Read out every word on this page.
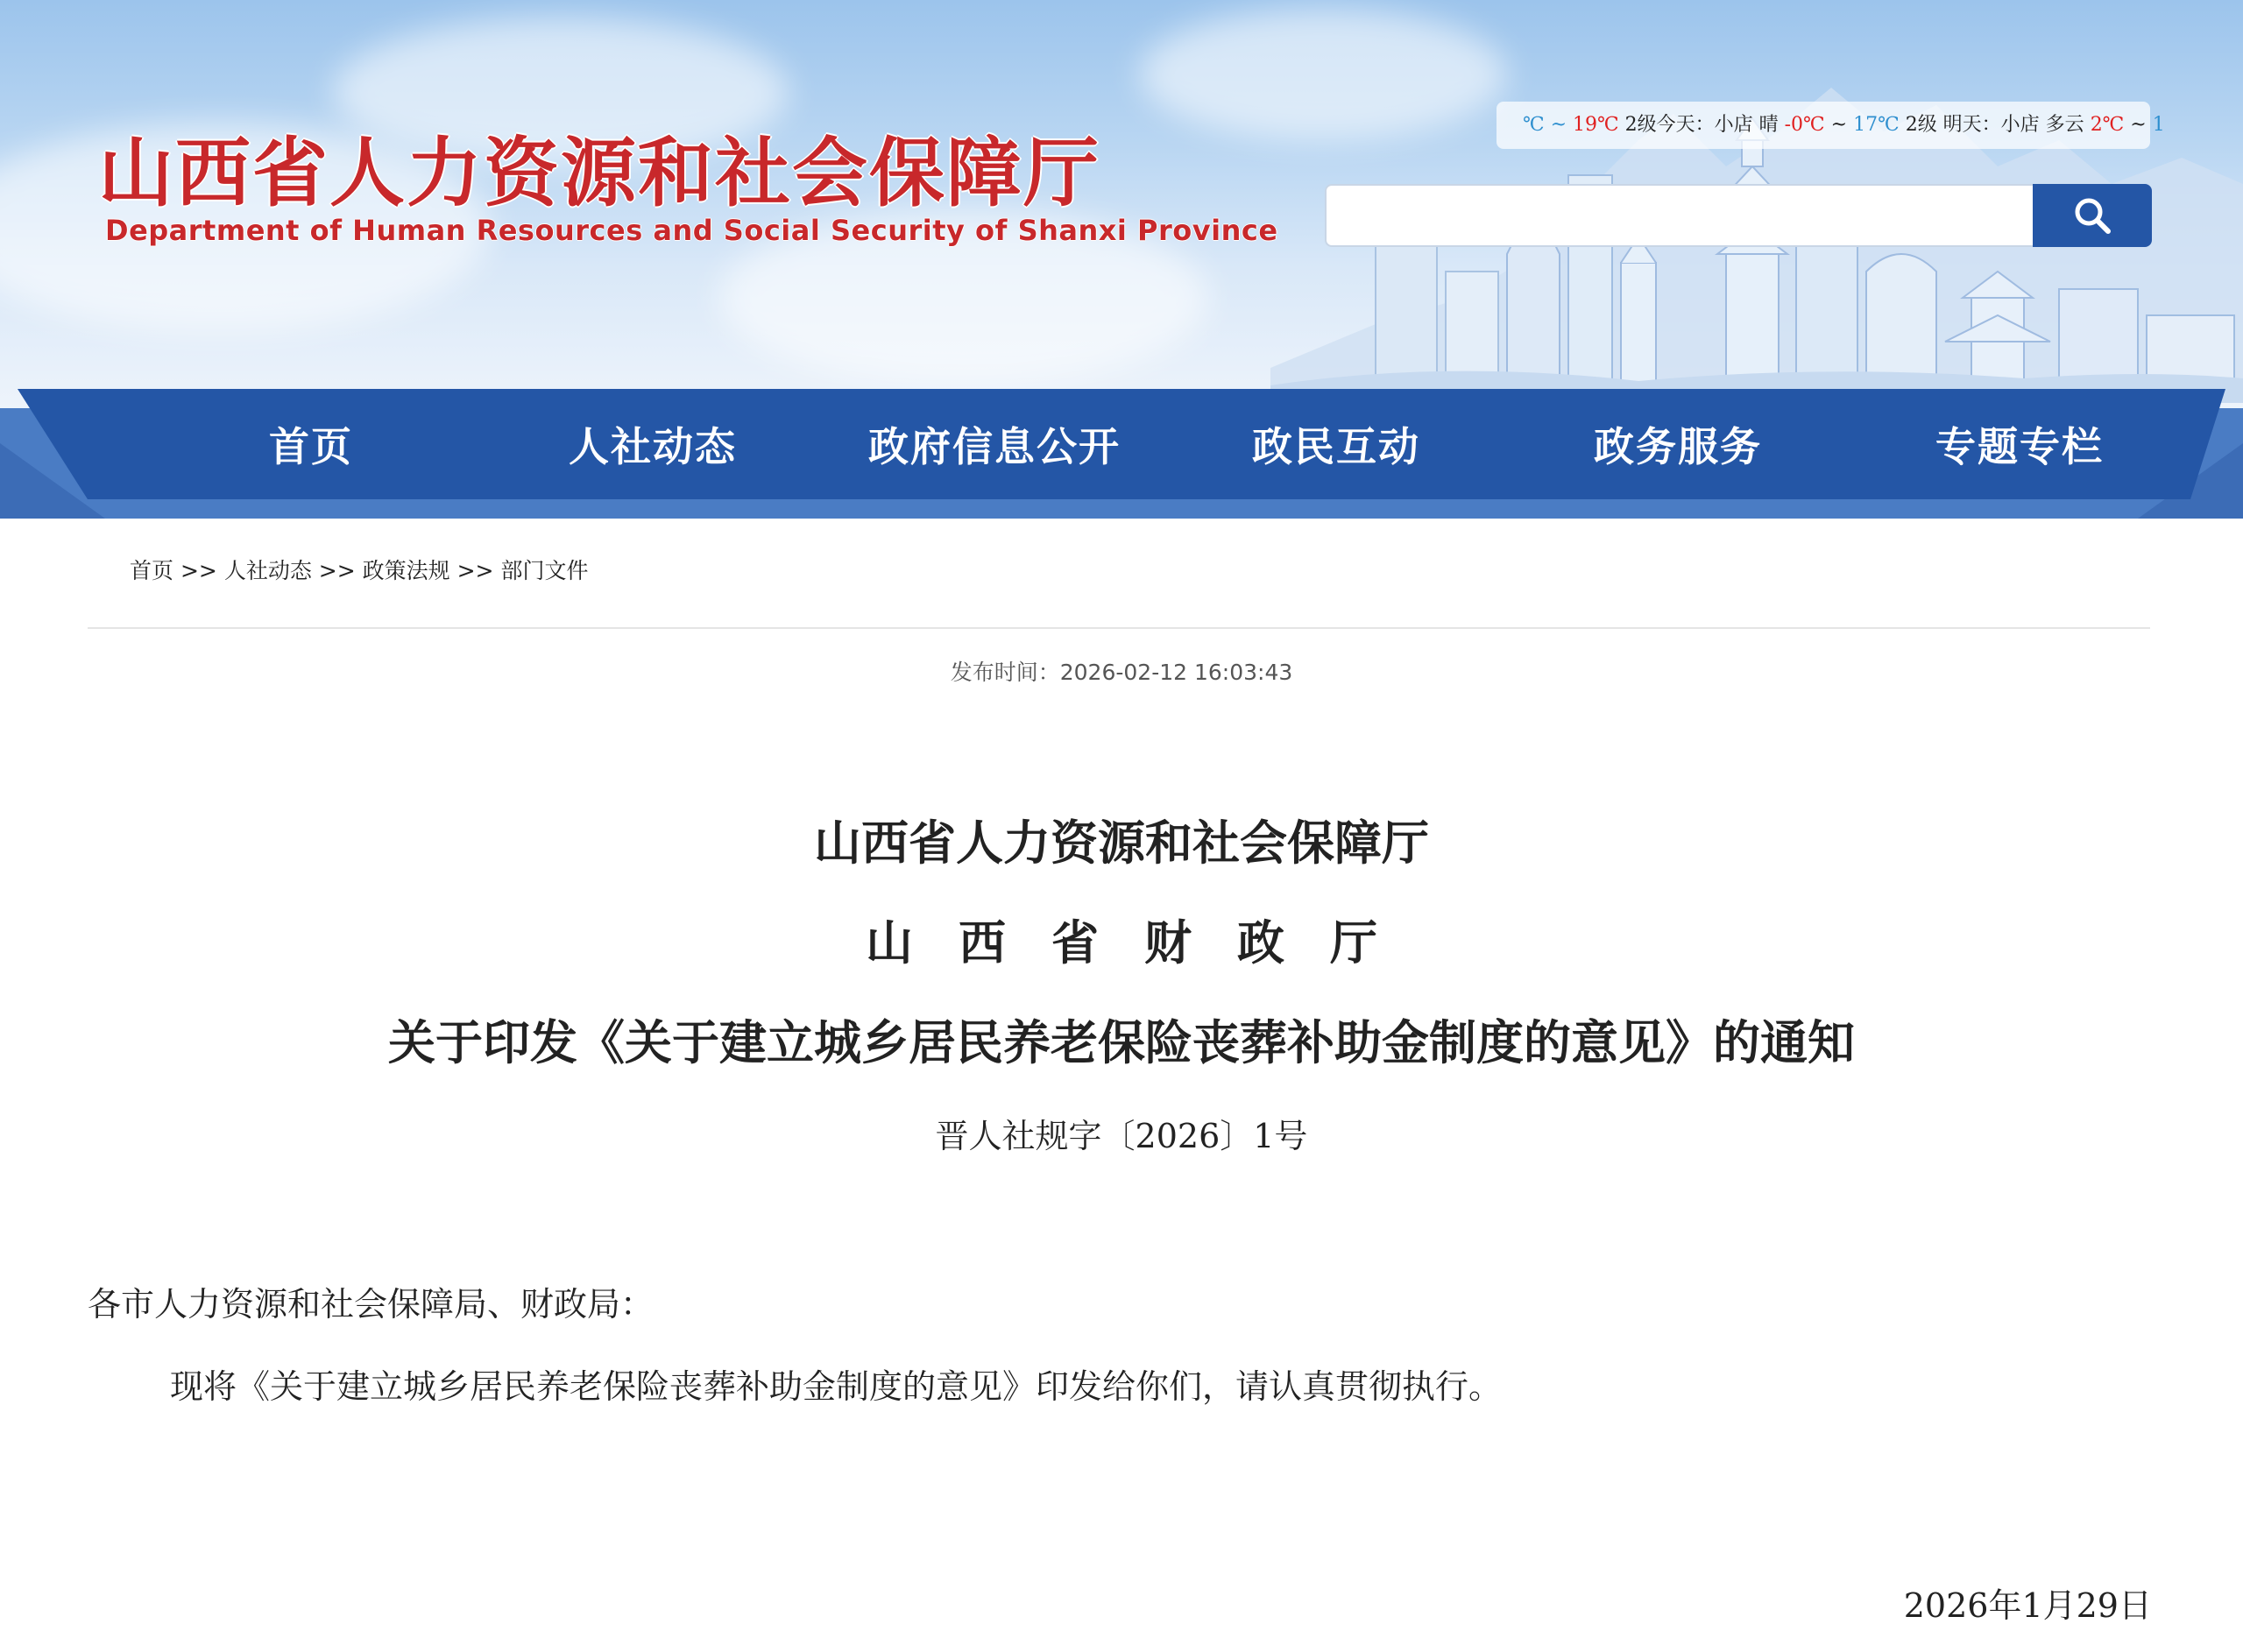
山西省人力资源和社会保障厅
Department of Human Resources and Social Security of Shanxi Province
℃ ~ 19℃ 2级今天：小店 晴 -0℃ ~ 17℃ 2级 明天：小店 多云 2℃ ~ 1
首页	人社动态	政府信息公开	政民互动	政务服务	专题专栏
首页 >> 人社动态 >> 政策法规 >> 部门文件
发布时间：2026-02-12 16:03:43
山西省人力资源和社会保障厅
山西省财政厅
关于印发《关于建立城乡居民养老保险丧葬补助金制度的意见》的通知
晋人社规字〔2026〕1号
各市人力资源和社会保障局、财政局：
现将《关于建立城乡居民养老保险丧葬补助金制度的意见》印发给你们，请认真贯彻执行。
2026年1月29日
